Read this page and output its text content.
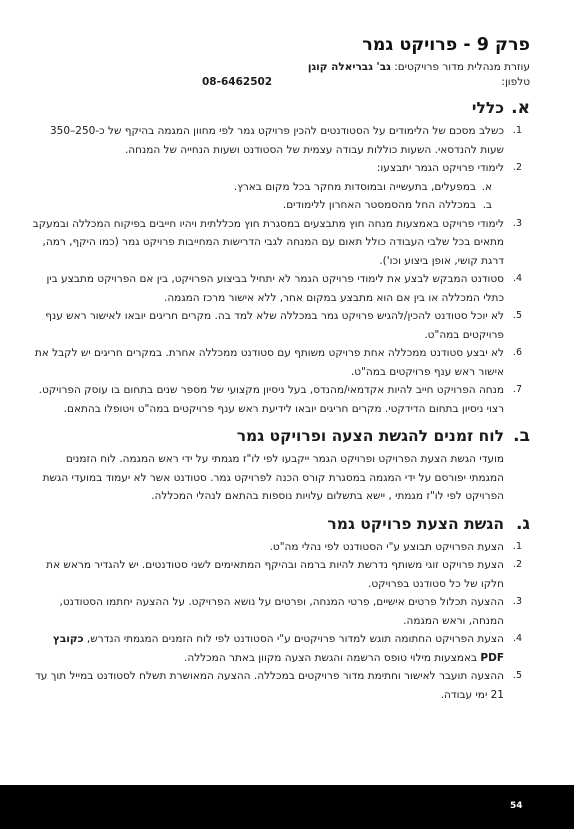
פרק 9 - פרויקט גמר
עוזרת מנהלית מדור פרויקטים: גב' גבריאלה קוגן
טלפון:
08-6462502
א.
כללי
1.
כשלב מסכם של הלימודים על הסטודנטים להכין פרויקט גמר לפי מחוון המגמה בהיקף של כ-250–350 שעות להנדסאי. השעות כוללות עבודה עצמית של הסטודנט ושעות הנחייה של המנחה.
2.
לימודי פרויקט הגמר יתבצעו:
א.
במפעלים, בתעשייה ובמוסדות מחקר בכל מקום בארץ.
ב.
במכללה החל מהסמסטר האחרון ללימודים.
3.
לימודי פרויקט באמצעות מנחה חוץ מתבצעים במסגרת חוץ מכללתית ויהיו חייבים בפיקוח המכללה ובמעקב מתאים בכל שלבי העבודה כולל תאום עם המנחה לגבי הדרישות המחייבות פרויקט גמר (כמו היקף, רמה, דרגת קושי, אופן ביצוע וכו').
4.
סטודנט המבקש לבצע את לימודי פרויקט הגמר לא יתחיל בביצוע הפרויקט, בין אם הפרויקט מתבצע בין כתלי המכללה או בין אם הוא מתבצע במקום אחר, ללא אישור מרכז המגמה.
5.
לא יוכל סטודנט להכין/להגיש פרויקט גמר במכללה שלא למד בה. מקרים חריגים יובאו לאישור ראש ענף פרויקטים במה"ט.
6.
לא יבצע סטודנט ממכללה אחת פרויקט משותף עם סטודנט ממכללה אחרת. במקרים חריגים יש לקבל את אישור ראש ענף פרויקטים במה"ט.
7.
מנחה הפרויקט חייב להיות אקדמאי/מהנדס, בעל ניסיון מקצועי של מספר שנים בתחום בו עוסק הפרויקט. רצוי ניסיון בתחום הדידקטי. מקרים חריגים יובאו לידיעת ראש ענף פרויקטים במה"ט ויטופלו בהתאם.
ב.
לוח זמנים להגשת הצעה ופרויקט גמר

מועדי הגשת הצעת הפרויקט ופרויקט הגמר ייקבעו לפי לו"ז מגמתי על ידי ראש המגמה. לוח הזמנים המגמתי יפורסם על ידי המגמה במסגרת קורס הכנה לפרויקט גמר. סטודנט אשר לא יעמוד במועדי הגשת הפרויקט לפי לו"ז מגמתי , יישא בתשלום עלויות נוספות בהתאם לנהלי המכללה.

ג.
הגשת הצעת פרויקט גמר
1.
הצעת הפרויקט תבוצע ע"י הסטודנט לפי נהלי מה"ט.
2.
הצעת פרויקט זוגי משותף נדרשת להיות ברמה ובהיקף המתאימים לשני סטודנטים. יש להגדיר מראש את חלקו של כל סטודנט בפרויקט.
3.
ההצעה תכלול פרטים אישיים, פרטי המנחה, ופרטים על נושא הפרויקט. על ההצעה יחתמו הסטודנט, המנחה, וראש המגמה.
4.
הצעת הפרויקט החתומה תוגש למדור פרויקטים ע"י הסטודנט לפי לוח הזמנים המגמתי הנדרש, כקובץ PDF באמצעות מילוי טופס הרשמה והגשת הצעה מקוון באתר המכללה.
5.
ההצעה תועבר לאישור וחתימת מדור פרויקטים במכללה. ההצעה המאושרת תשלח לסטודנט במייל תוך עד 21 ימי עבודה.
54
